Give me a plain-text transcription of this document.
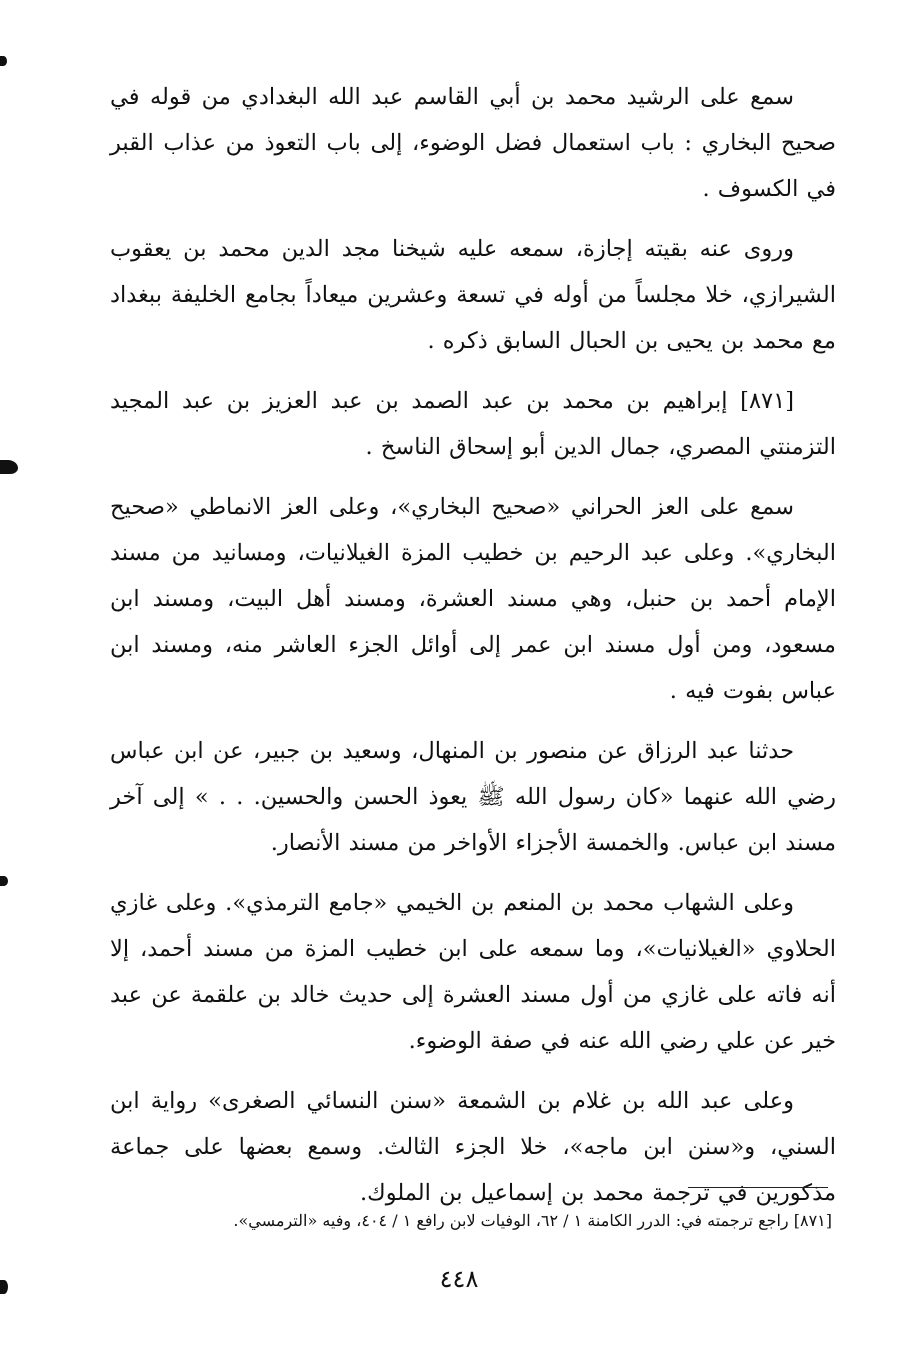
سمع على الرشيد محمد بن أبي القاسم عبد الله البغدادي من قوله في صحيح البخاري : باب استعمال فضل الوضوء، إلى باب التعوذ من عذاب القبر في الكسوف .

وروى عنه بقيته إجازة، سمعه عليه شيخنا مجد الدين محمد بن يعقوب الشيرازي، خلا مجلساً من أوله في تسعة وعشرين ميعاداً بجامع الخليفة ببغداد مع محمد بن يحيى بن الحبال السابق ذكره .

[٨٧١] إبراهيم بن محمد بن عبد الصمد بن عبد العزيز بن عبد المجيد التزمنتي المصري، جمال الدين أبو إسحاق الناسخ .

سمع على العز الحراني «صحيح البخاري»، وعلى العز الانماطي «صحيح البخاري». وعلى عبد الرحيم بن خطيب المزة الغيلانيات، ومسانيد من مسند الإمام أحمد بن حنبل، وهي مسند العشرة، ومسند أهل البيت، ومسند ابن مسعود، ومن أول مسند ابن عمر إلى أوائل الجزء العاشر منه، ومسند ابن عباس بفوت فيه .

حدثنا عبد الرزاق عن منصور بن المنهال، وسعيد بن جبير، عن ابن عباس رضي الله عنهما «كان رسول الله ﷺ يعوذ الحسن والحسين. . . » إلى آخر مسند ابن عباس. والخمسة الأجزاء الأواخر من مسند الأنصار.

وعلى الشهاب محمد بن المنعم بن الخيمي «جامع الترمذي». وعلى غازي الحلاوي «الغيلانيات»، وما سمعه على ابن خطيب المزة من مسند أحمد، إلا أنه فاته على غازي من أول مسند العشرة إلى حديث خالد بن علقمة عن عبد خير عن علي رضي الله عنه في صفة الوضوء.

وعلى عبد الله بن غلام بن الشمعة «سنن النسائي الصغرى» رواية ابن السني، و«سنن ابن ماجه»، خلا الجزء الثالث. وسمع بعضها على جماعة مذكورين في ترجمة محمد بن إسماعيل بن الملوك.

[٨٧١] راجع ترجمته في: الدرر الكامنة ١ / ٦٢، الوفيات لابن رافع ١ / ٤٠٤، وفيه «الترمسي».
٤٤٨
